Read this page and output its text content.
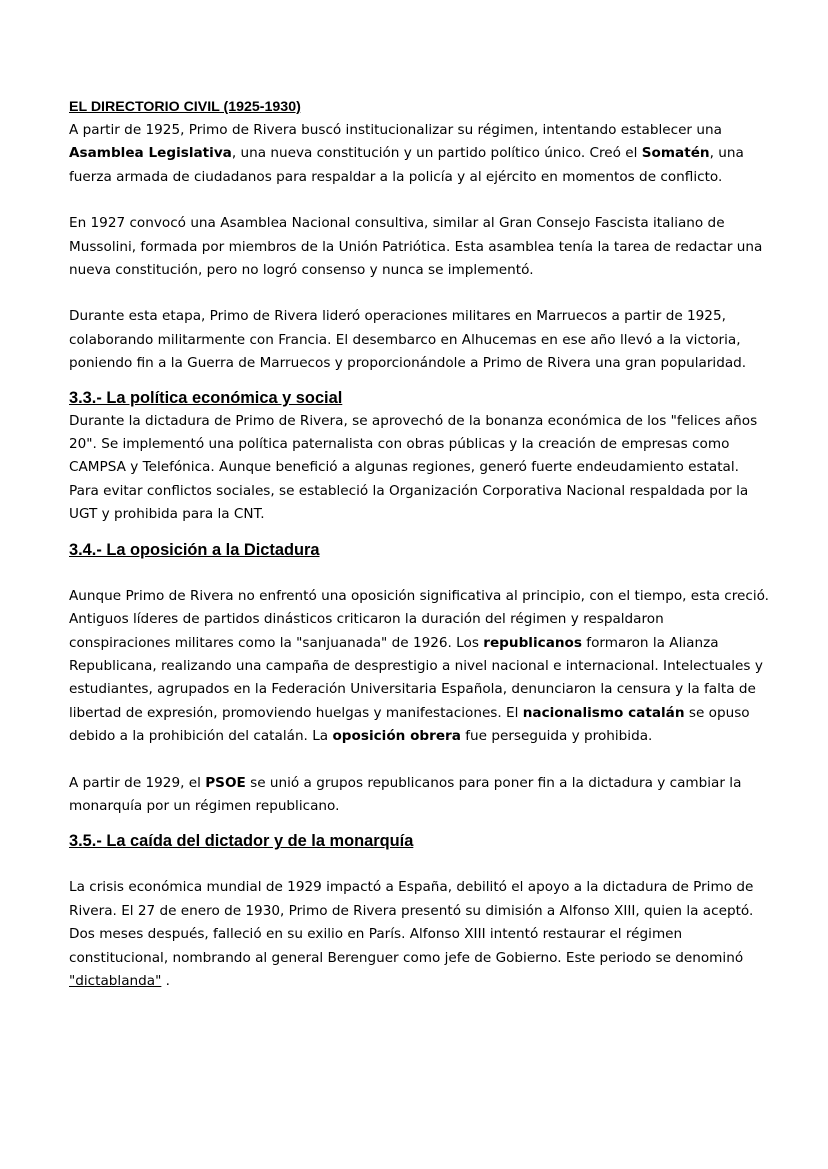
EL DIRECTORIO CIVIL (1925-1930)

A partir de 1925, Primo de Rivera buscó institucionalizar su régimen, intentando establecer una Asamblea Legislativa, una nueva constitución y un partido político único. Creó el Somatén, una fuerza armada de ciudadanos para respaldar a la policía y al ejército en momentos de conflicto.

En 1927 convocó una Asamblea Nacional consultiva, similar al Gran Consejo Fascista italiano de Mussolini, formada por miembros de la Unión Patriótica. Esta asamblea tenía la tarea de redactar una nueva constitución, pero no logró consenso y nunca se implementó.

Durante esta etapa, Primo de Rivera lideró operaciones militares en Marruecos a partir de 1925, colaborando militarmente con Francia. El desembarco en Alhucemas en ese año llevó a la victoria, poniendo fin a la Guerra de Marruecos y proporcionándole a Primo de Rivera una gran popularidad.

3.3.- La política económica y social

Durante la dictadura de Primo de Rivera, se aprovechó de la bonanza económica de los "felices años 20". Se implementó una política paternalista con obras públicas y la creación de empresas como CAMPSA y Telefónica. Aunque benefició a algunas regiones, generó fuerte endeudamiento estatal. Para evitar conflictos sociales, se estableció la Organización Corporativa Nacional respaldada por la UGT y prohibida para la CNT.

3.4.- La oposición a la Dictadura

Aunque Primo de Rivera no enfrentó una oposición significativa al principio, con el tiempo, esta creció. Antiguos líderes de partidos dinásticos criticaron la duración del régimen y respaldaron conspiraciones militares como la "sanjuanada" de 1926. Los republicanos formaron la Alianza Republicana, realizando una campaña de desprestigio a nivel nacional e internacional. Intelectuales y estudiantes, agrupados en la Federación Universitaria Española, denunciaron la censura y la falta de libertad de expresión, promoviendo huelgas y manifestaciones. El nacionalismo catalán se opuso debido a la prohibición del catalán. La oposición obrera fue perseguida y prohibida.

A partir de 1929, el PSOE se unió a grupos republicanos para poner fin a la dictadura y cambiar la monarquía por un régimen republicano.

3.5.- La caída del dictador y de la monarquía

La crisis económica mundial de 1929 impactó a España, debilitó el apoyo a la dictadura de Primo de Rivera. El 27 de enero de 1930, Primo de Rivera presentó su dimisión a Alfonso XIII, quien la aceptó. Dos meses después, falleció en su exilio en París. Alfonso XIII intentó restaurar el régimen constitucional, nombrando al general Berenguer como jefe de Gobierno. Este periodo se denominó "dictablanda" .
